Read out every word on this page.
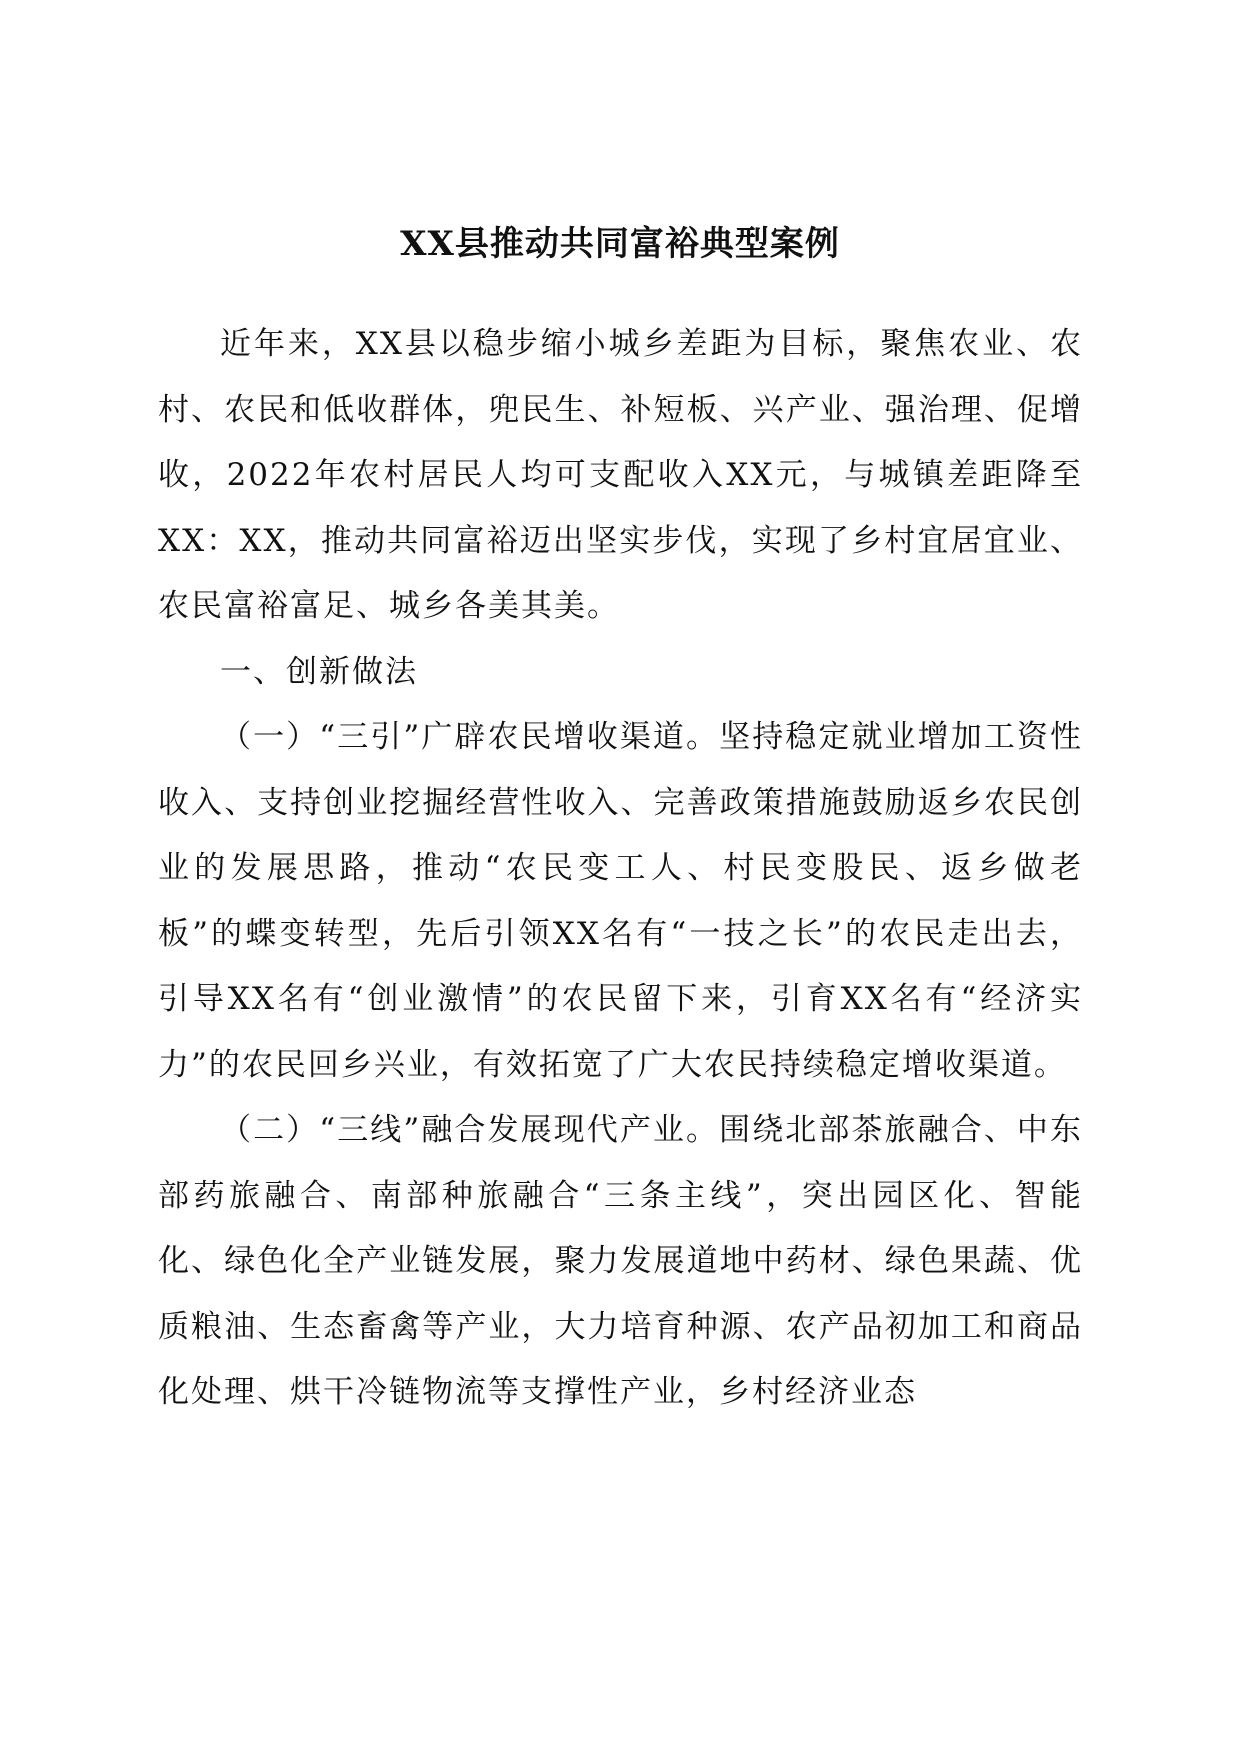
XX县推动共同富裕典型案例

近年来，XX县以稳步缩小城乡差距为目标，聚焦农业、农村、农民和低收群体，兜民生、补短板、兴产业、强治理、促增收，2022年农村居民人均可支配收入XX元，与城镇差距降至XX：XX，推动共同富裕迈出坚实步伐，实现了乡村宜居宜业、农民富裕富足、城乡各美其美。

一、创新做法

（一）“三引”广辟农民增收渠道。坚持稳定就业增加工资性收入、支持创业挖掘经营性收入、完善政策措施鼓励返乡农民创业的发展思路，推动“农民变工人、村民变股民、返乡做老板”的蝶变转型，先后引领XX名有“一技之长”的农民走出去，引导XX名有“创业激情”的农民留下来，引育XX名有“经济实力”的农民回乡兴业，有效拓宽了广大农民持续稳定增收渠道。

（二）“三线”融合发展现代产业。围绕北部茶旅融合、中东部药旅融合、南部种旅融合“三条主线”，突出园区化、智能化、绿色化全产业链发展，聚力发展道地中药材、绿色果蔬、优质粮油、生态畜禽等产业，大力培育种源、农产品初加工和商品化处理、烘干冷链物流等支撑性产业，乡村经济业态
